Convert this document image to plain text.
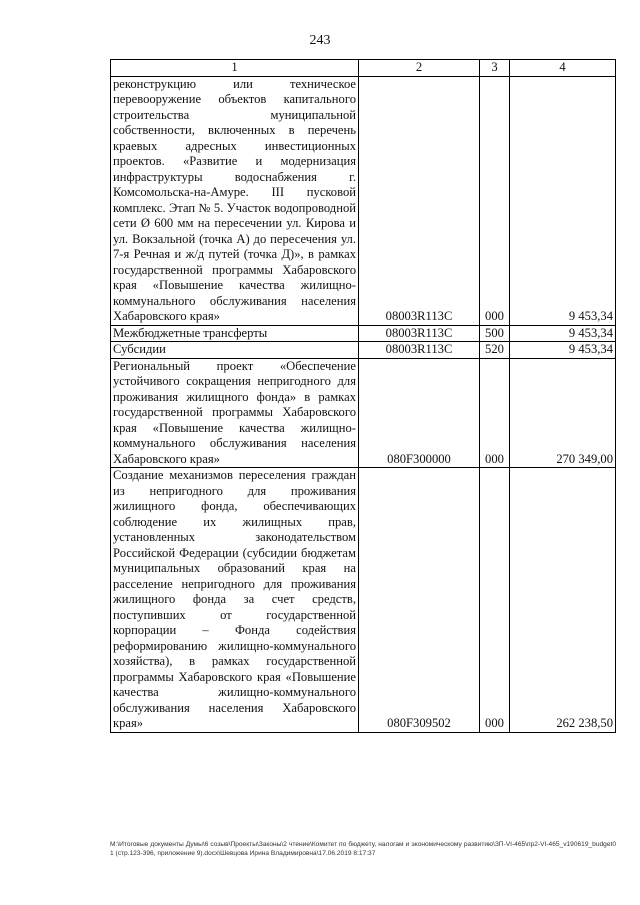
243
1	2	3	4
реконструкцию или техническое перевооружение объектов капитального строительства муниципальной собственности, включенных в перечень краевых адресных инвестиционных проектов. «Развитие и модернизация инфраструктуры водоснабжения г. Комсомольска-на-Амуре. III пусковой комплекс. Этап № 5. Участок водопроводной сети Ø 600 мм на пересечении ул. Кирова и ул. Вокзальной (точка А) до пересечения ул. 7-я Речная и ж/д путей (точка Д)», в рамках государственной программы Хабаровского края «Повышение качества жилищно-коммунального обслуживания населения Хабаровского края»	08003R113C	000	9 453,34
Межбюджетные трансферты	08003R113C	500	9 453,34
Субсидии	08003R113C	520	9 453,34
Региональный проект «Обеспечение устойчивого сокращения непригодного для проживания жилищного фонда» в рамках государственной программы Хабаровского края «Повышение качества жилищно-коммунального обслуживания населения Хабаровского края»	080F300000	000	270 349,00
Создание механизмов переселения граждан из непригодного для проживания жилищного фонда, обеспечивающих соблюдение их жилищных прав, установленных законодательством Российской Федерации (субсидии бюджетам муниципальных образований края на расселение непригодного для проживания жилищного фонда за счет средств, поступивших от государственной корпорации – Фонда содействия реформированию жилищно-коммунального хозяйства), в рамках государственной программы Хабаровского края «Повышение качества жилищно-коммунального обслуживания населения Хабаровского края»	080F309502	000	262 238,50
M:\Итоговые документы Думы\6 созыв\Проекты\Законы\2 чтение\Комитет по бюджету, налогам и экономическому развитию\ЗП-VI-465\пр2-VI-465_v190619_budget01 (стр.123-396, приложение 9).docx\Шевцова Ирина Владимировна\17.06.2019 8:17:37
